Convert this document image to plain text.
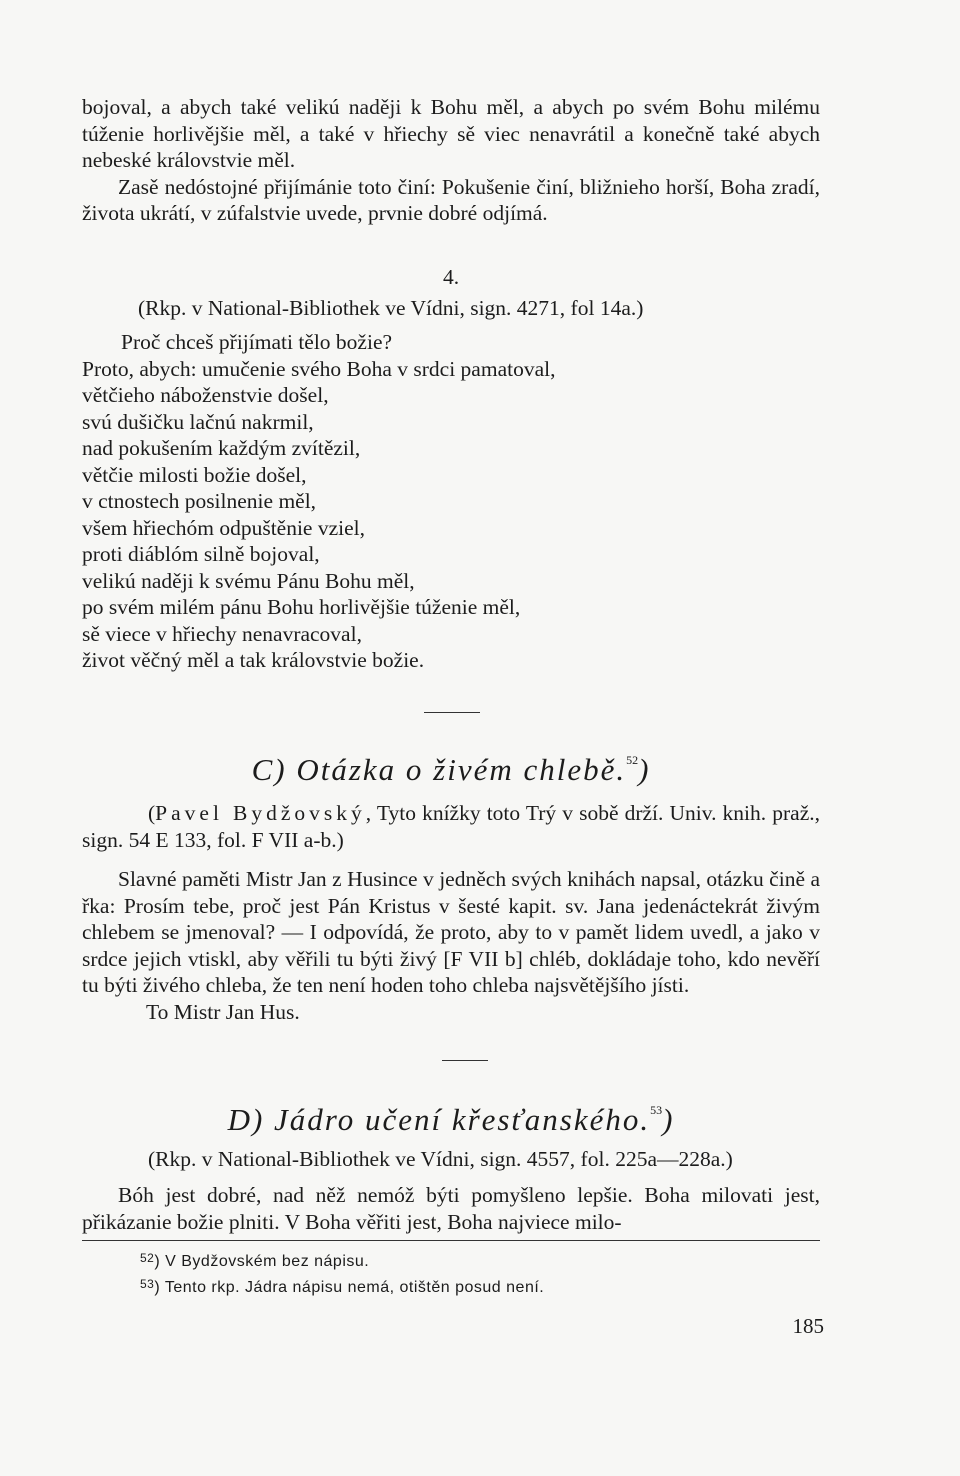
bojoval, a abych také velikú naději k Bohu měl, a abych po svém Bohu milému túženie horlivějšie měl, a také v hřiechy sě viec nenavrátil a konečně také abych nebeské královstvie měl.

Zasě nedóstojné přijímánie toto činí: Pokušenie činí, bližnieho horší, Boha zradí, života ukrátí, v zúfalstvie uvede, prvnie dobré odjímá.

4.
(Rkp. v National-Bibliothek ve Vídni, sign. 4271, fol 14a.)

Proč chceš přijímati tělo božie?

Proto, abych: umučenie svého Boha v srdci pamatoval,

větčieho náboženstvie došel,

svú dušičku lačnú nakrmil,

nad pokušením každým zvítězil,

větčie milosti božie došel,

v ctnostech posilnenie měl,

všem hřiechóm odpuštěnie vziel,

proti diáblóm silně bojoval,

velikú naději k svému Pánu Bohu měl,

po svém milém pánu Bohu horlivějšie túženie měl,

sě viece v hřiechy nenavracoval,

život věčný měl a tak královstvie božie.

C) Otázka o živém chlebě.$^{52}$)

(Pavel Bydžovský, Tyto knížky toto Trý v sobě drží. Univ. knih. praž., sign. 54 E 133, fol. F VII a-b.)

Slavné paměti Mistr Jan z Husince v jedněch svých knihách napsal, otázku čině a řka: Prosím tebe, proč jest Pán Kristus v šesté kapit. sv. Jana jedenáctekrát živým chlebem se jmenoval? — I odpovídá, že proto, aby to v pamět lidem uvedl, a jako v srdce jejich vtiskl, aby věřili tu býti živý [F VII b] chléb, dokládaje toho, kdo nevěří tu býti živého chleba, že ten není hoden toho chleba najsvětějšího jísti.

To Mistr Jan Hus.

D) Jádro učení křesťanského.$^{53}$)
(Rkp. v National-Bibliothek ve Vídni, sign. 4557, fol. 225a—228a.)

Bóh jest dobré, nad něž nemóž býti pomyšleno lepšie. Boha milovati jest, přikázanie božie plniti. V Boha věřiti jest, Boha najviece milo-

$^{52}$) V Bydžovském bez nápisu.

$^{53}$) Tento rkp. Jádra nápisu nemá, otištěn posud není.

185
